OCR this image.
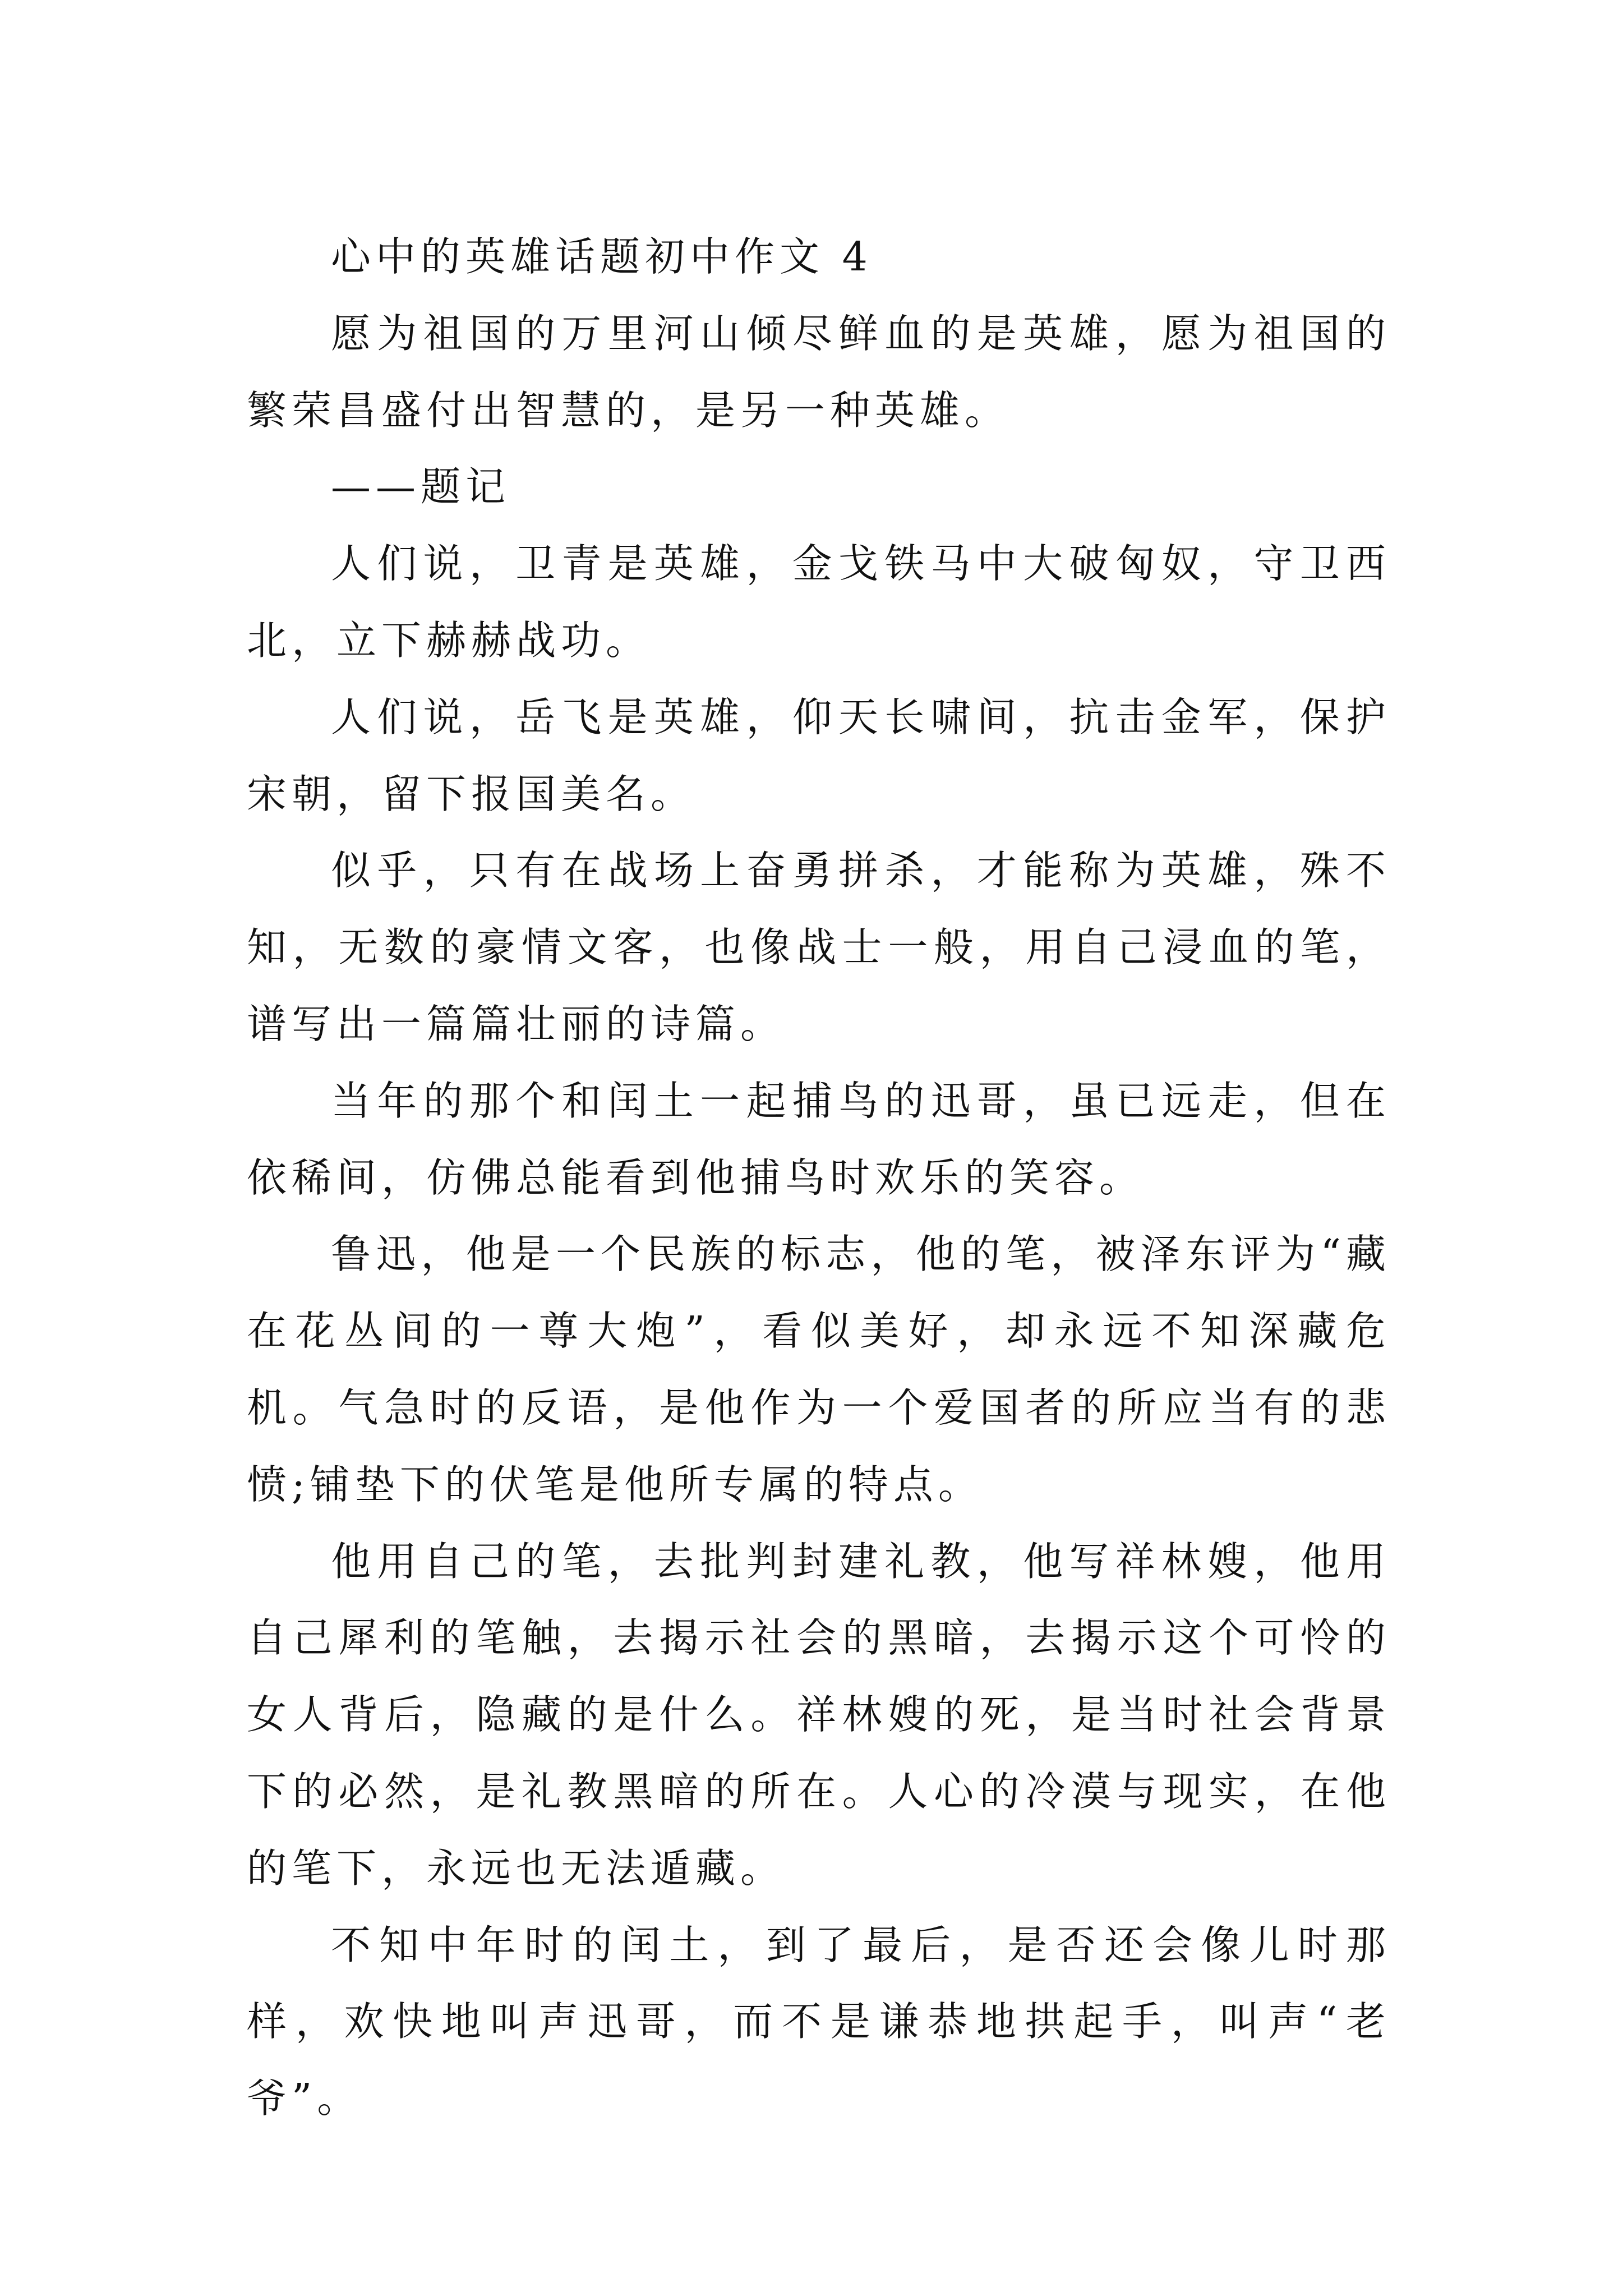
心中的英雄话题初中作文 4

愿为祖国的万里河山倾尽鲜血的是英雄，愿为祖国的繁荣昌盛付出智慧的，是另一种英雄。

——题记

人们说，卫青是英雄，金戈铁马中大破匈奴，守卫西北，立下赫赫战功。

人们说，岳飞是英雄，仰天长啸间，抗击金军，保护宋朝，留下报国美名。

似乎，只有在战场上奋勇拼杀，才能称为英雄，殊不知，无数的豪情文客，也像战士一般，用自己浸血的笔，谱写出一篇篇壮丽的诗篇。

当年的那个和闰土一起捕鸟的迅哥，虽已远走，但在依稀间，仿佛总能看到他捕鸟时欢乐的笑容。

鲁迅，他是一个民族的标志，他的笔，被泽东评为“藏在花丛间的一尊大炮”，看似美好，却永远不知深藏危机。气急时的反语，是他作为一个爱国者的所应当有的悲愤;铺垫下的伏笔是他所专属的特点。

他用自己的笔，去批判封建礼教，他写祥林嫂，他用自己犀利的笔触，去揭示社会的黑暗，去揭示这个可怜的女人背后，隐藏的是什么。祥林嫂的死，是当时社会背景下的必然，是礼教黑暗的所在。人心的冷漠与现实，在他的笔下，永远也无法遁藏。

不知中年时的闰土，到了最后，是否还会像儿时那样，欢快地叫声迅哥，而不是谦恭地拱起手，叫声“老爷”。
